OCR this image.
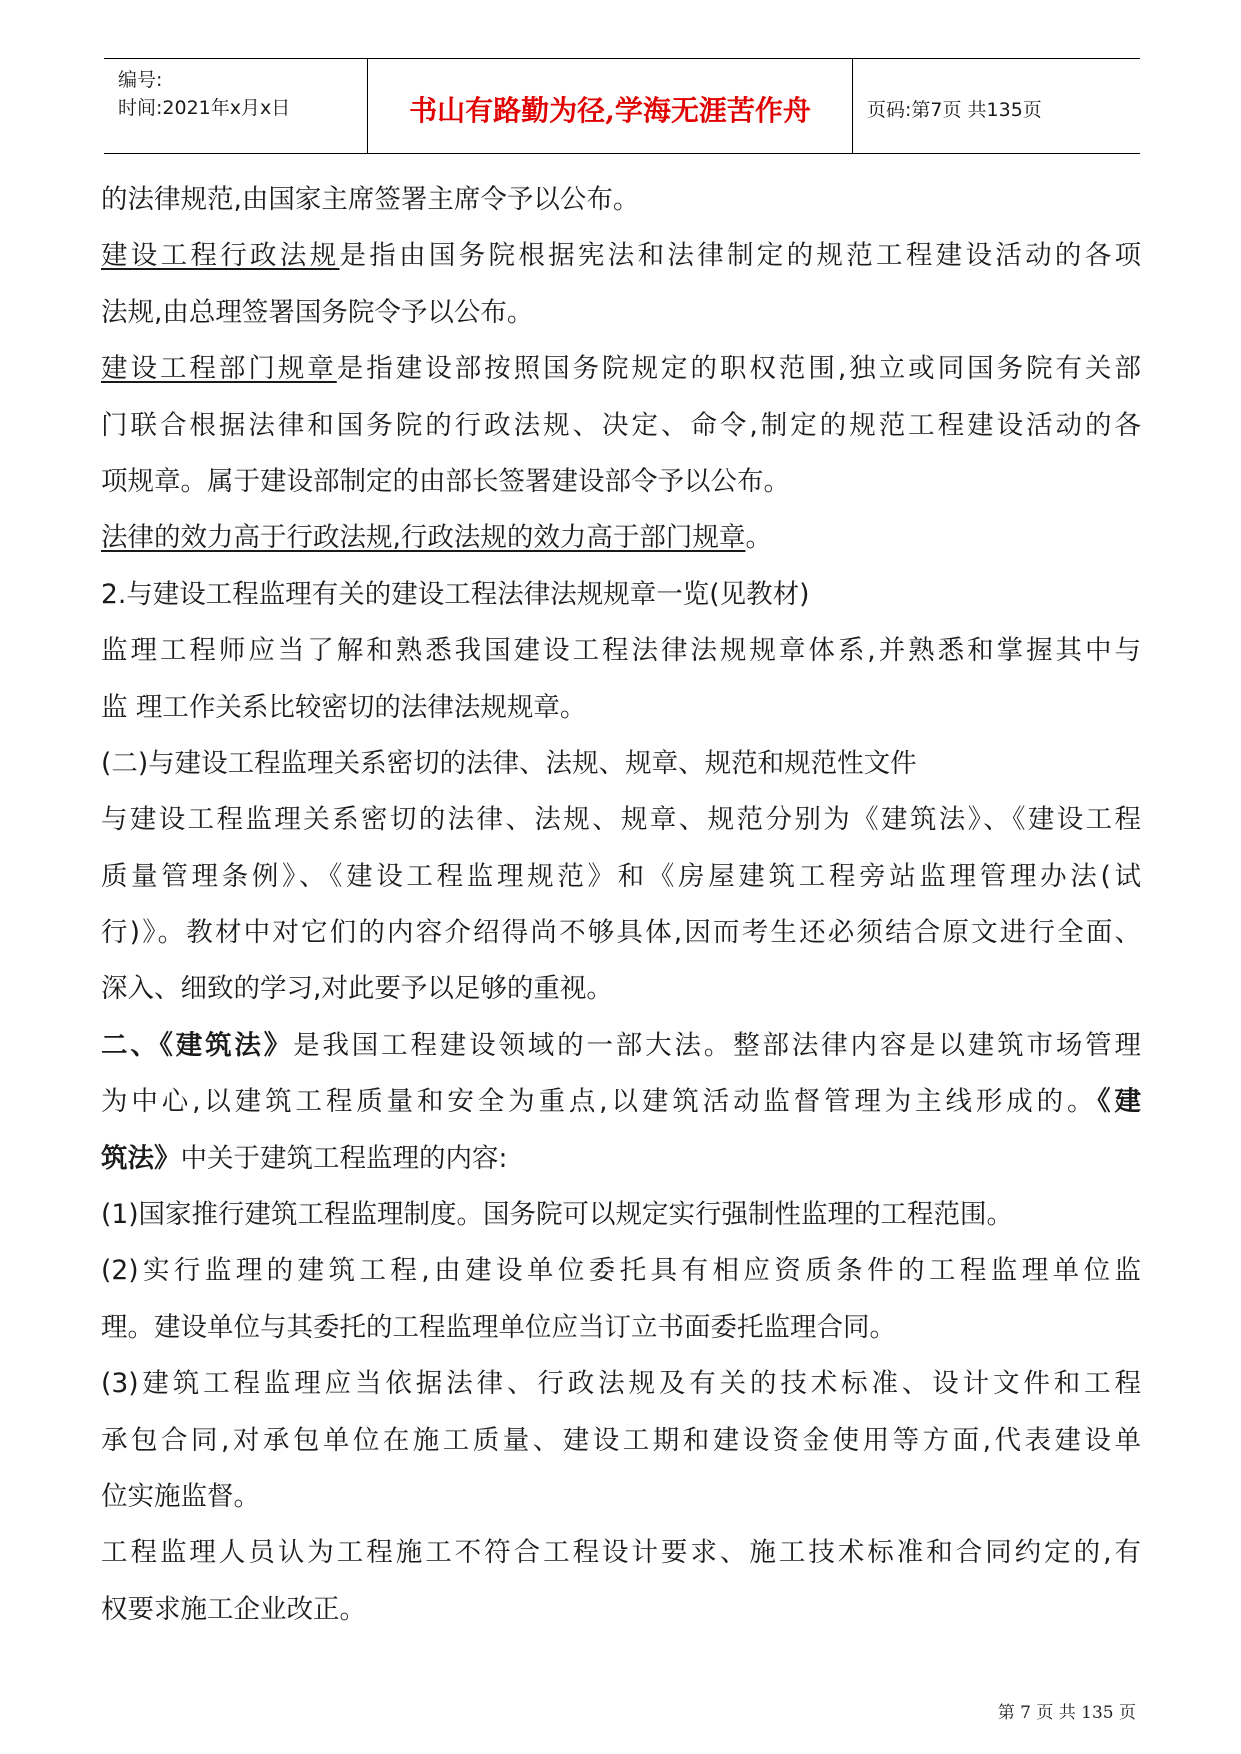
编号:
时间:2021年x月x日	书山有路勤为径,学海无涯苦作舟	页码:第7页 共135页
的法律规范,由国家主席签署主席令予以公布。
建设工程行政法规是指由国务院根据宪法和法律制定的规范工程建设活动的各项
法规,由总理签署国务院令予以公布。
建设工程部门规章是指建设部按照国务院规定的职权范围,独立或同国务院有关部
门联合根据法律和国务院的行政法规、决定、命令,制定的规范工程建设活动的各
项规章。属于建设部制定的由部长签署建设部令予以公布。
法律的效力高于行政法规,行政法规的效力高于部门规章。
2.与建设工程监理有关的建设工程法律法规规章一览(见教材)
监理工程师应当了解和熟悉我国建设工程法律法规规章体系,并熟悉和掌握其中与
监 理工作关系比较密切的法律法规规章。
(二)与建设工程监理关系密切的法律、法规、规章、规范和规范性文件
与建设工程监理关系密切的法律、法规、规章、规范分别为《建筑法》、《建设工程
质量管理条例》、《建设工程监理规范》和《房屋建筑工程旁站监理管理办法(试
行)》。教材中对它们的内容介绍得尚不够具体,因而考生还必须结合原文进行全面、
深入、细致的学习,对此要予以足够的重视。
二、《建筑法》是我国工程建设领域的一部大法。整部法律内容是以建筑市场管理
为中心,以建筑工程质量和安全为重点,以建筑活动监督管理为主线形成的。《建
筑法》中关于建筑工程监理的内容:
(1)国家推行建筑工程监理制度。国务院可以规定实行强制性监理的工程范围。
(2)实行监理的建筑工程,由建设单位委托具有相应资质条件的工程监理单位监
理。建设单位与其委托的工程监理单位应当订立书面委托监理合同。
(3)建筑工程监理应当依据法律、行政法规及有关的技术标准、设计文件和工程
承包合同,对承包单位在施工质量、建设工期和建设资金使用等方面,代表建设单
位实施监督。
工程监理人员认为工程施工不符合工程设计要求、施工技术标准和合同约定的,有
权要求施工企业改正。
第 7 页 共 135 页
